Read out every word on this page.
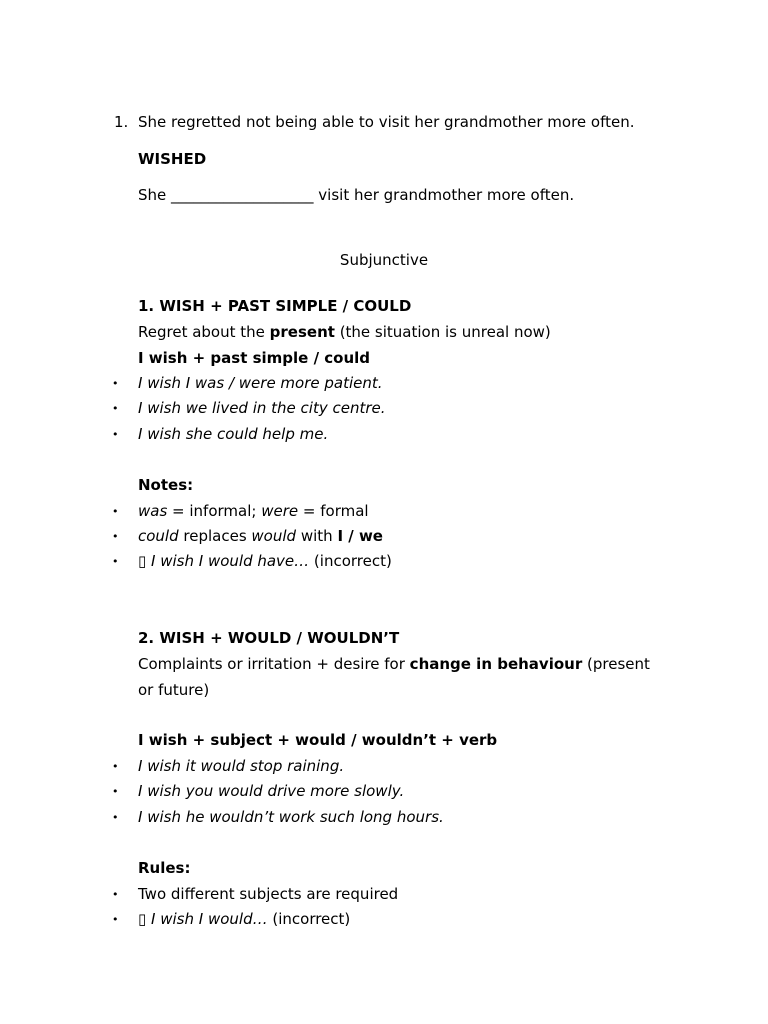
1. She regretted not being able to visit her grandmother more often.
WISHED
She ___________________ visit her grandmother more often.
Subjunctive
1. WISH + PAST SIMPLE / COULD
Regret about the present (the situation is unreal now)
I wish + past simple / could
• I wish I was / were more patient.
• I wish we lived in the city centre.
• I wish she could help me.
Notes:
• was = informal; were = formal
• could replaces would with I / we
• ▯ I wish I would have… (incorrect)
2. WISH + WOULD / WOULDN’T
Complaints or irritation + desire for change in behaviour (present
or future)
I wish + subject + would / wouldn’t + verb
• I wish it would stop raining.
• I wish you would drive more slowly.
• I wish he wouldn’t work such long hours.
Rules:
• Two different subjects are required
• ▯ I wish I would… (incorrect)
